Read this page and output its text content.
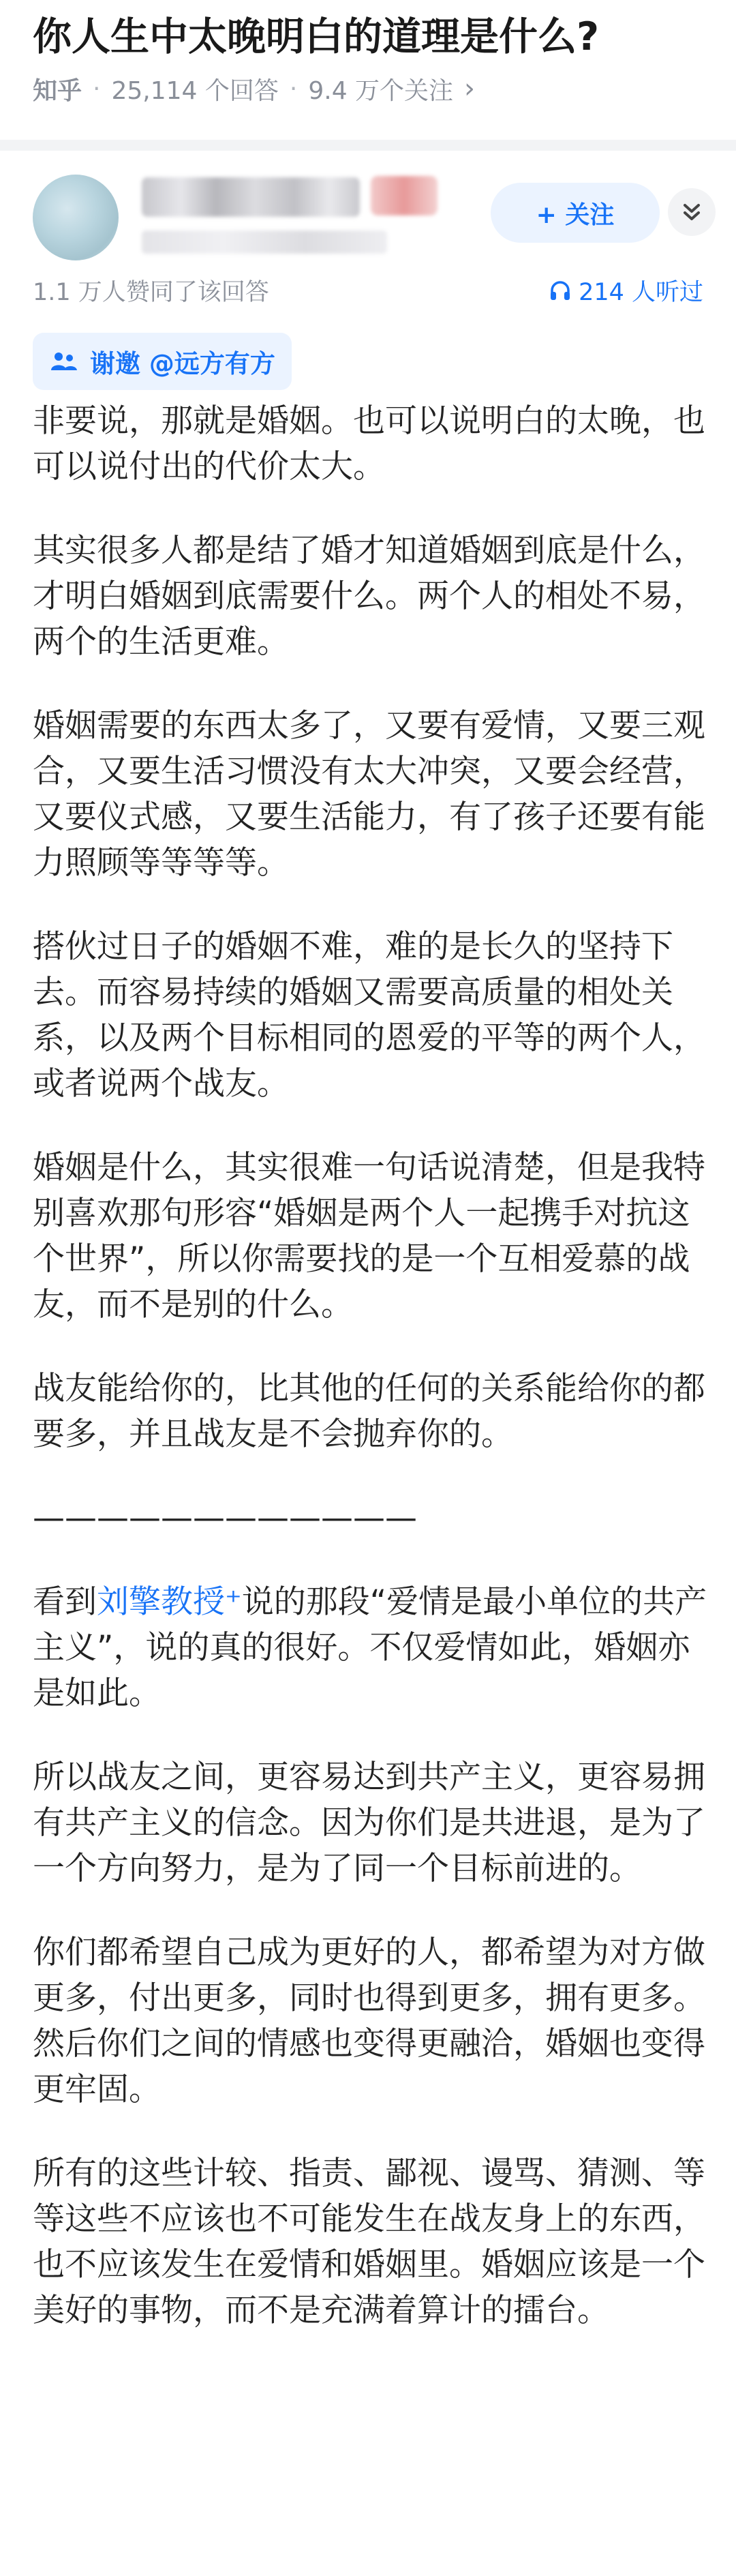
你人生中太晚明白的道理是什么?
知乎 · 25,114 个回答 · 9.4 万个关注 ›
+ 关注
1.1 万人赞同了该回答	214 人听过
谢邀 @远方有方

非要说，那就是婚姻。也可以说明白的太晚，也可以说付出的代价太大。

其实很多人都是结了婚才知道婚姻到底是什么，才明白婚姻到底需要什么。两个人的相处不易，两个的生活更难。

婚姻需要的东西太多了，又要有爱情，又要三观合，又要生活习惯没有太大冲突，又要会经营，又要仪式感，又要生活能力，有了孩子还要有能力照顾等等等等。

搭伙过日子的婚姻不难，难的是长久的坚持下去。而容易持续的婚姻又需要高质量的相处关系，以及两个目标相同的恩爱的平等的两个人，或者说两个战友。

婚姻是什么，其实很难一句话说清楚，但是我特别喜欢那句形容“婚姻是两个人一起携手对抗这个世界”，所以你需要找的是一个互相爱慕的战友，而不是别的什么。

战友能给你的，比其他的任何的关系能给你的都要多，并且战友是不会抛弃你的。

————————————

看到刘擎教授⁺说的那段“爱情是最小单位的共产主义”，说的真的很好。不仅爱情如此，婚姻亦是如此。

所以战友之间，更容易达到共产主义，更容易拥有共产主义的信念。因为你们是共进退，是为了一个方向努力，是为了同一个目标前进的。

你们都希望自己成为更好的人，都希望为对方做更多，付出更多，同时也得到更多，拥有更多。然后你们之间的情感也变得更融洽，婚姻也变得更牢固。

所有的这些计较、指责、鄙视、谩骂、猜测、等等这些不应该也不可能发生在战友身上的东西，也不应该发生在爱情和婚姻里。婚姻应该是一个美好的事物，而不是充满着算计的擂台。
